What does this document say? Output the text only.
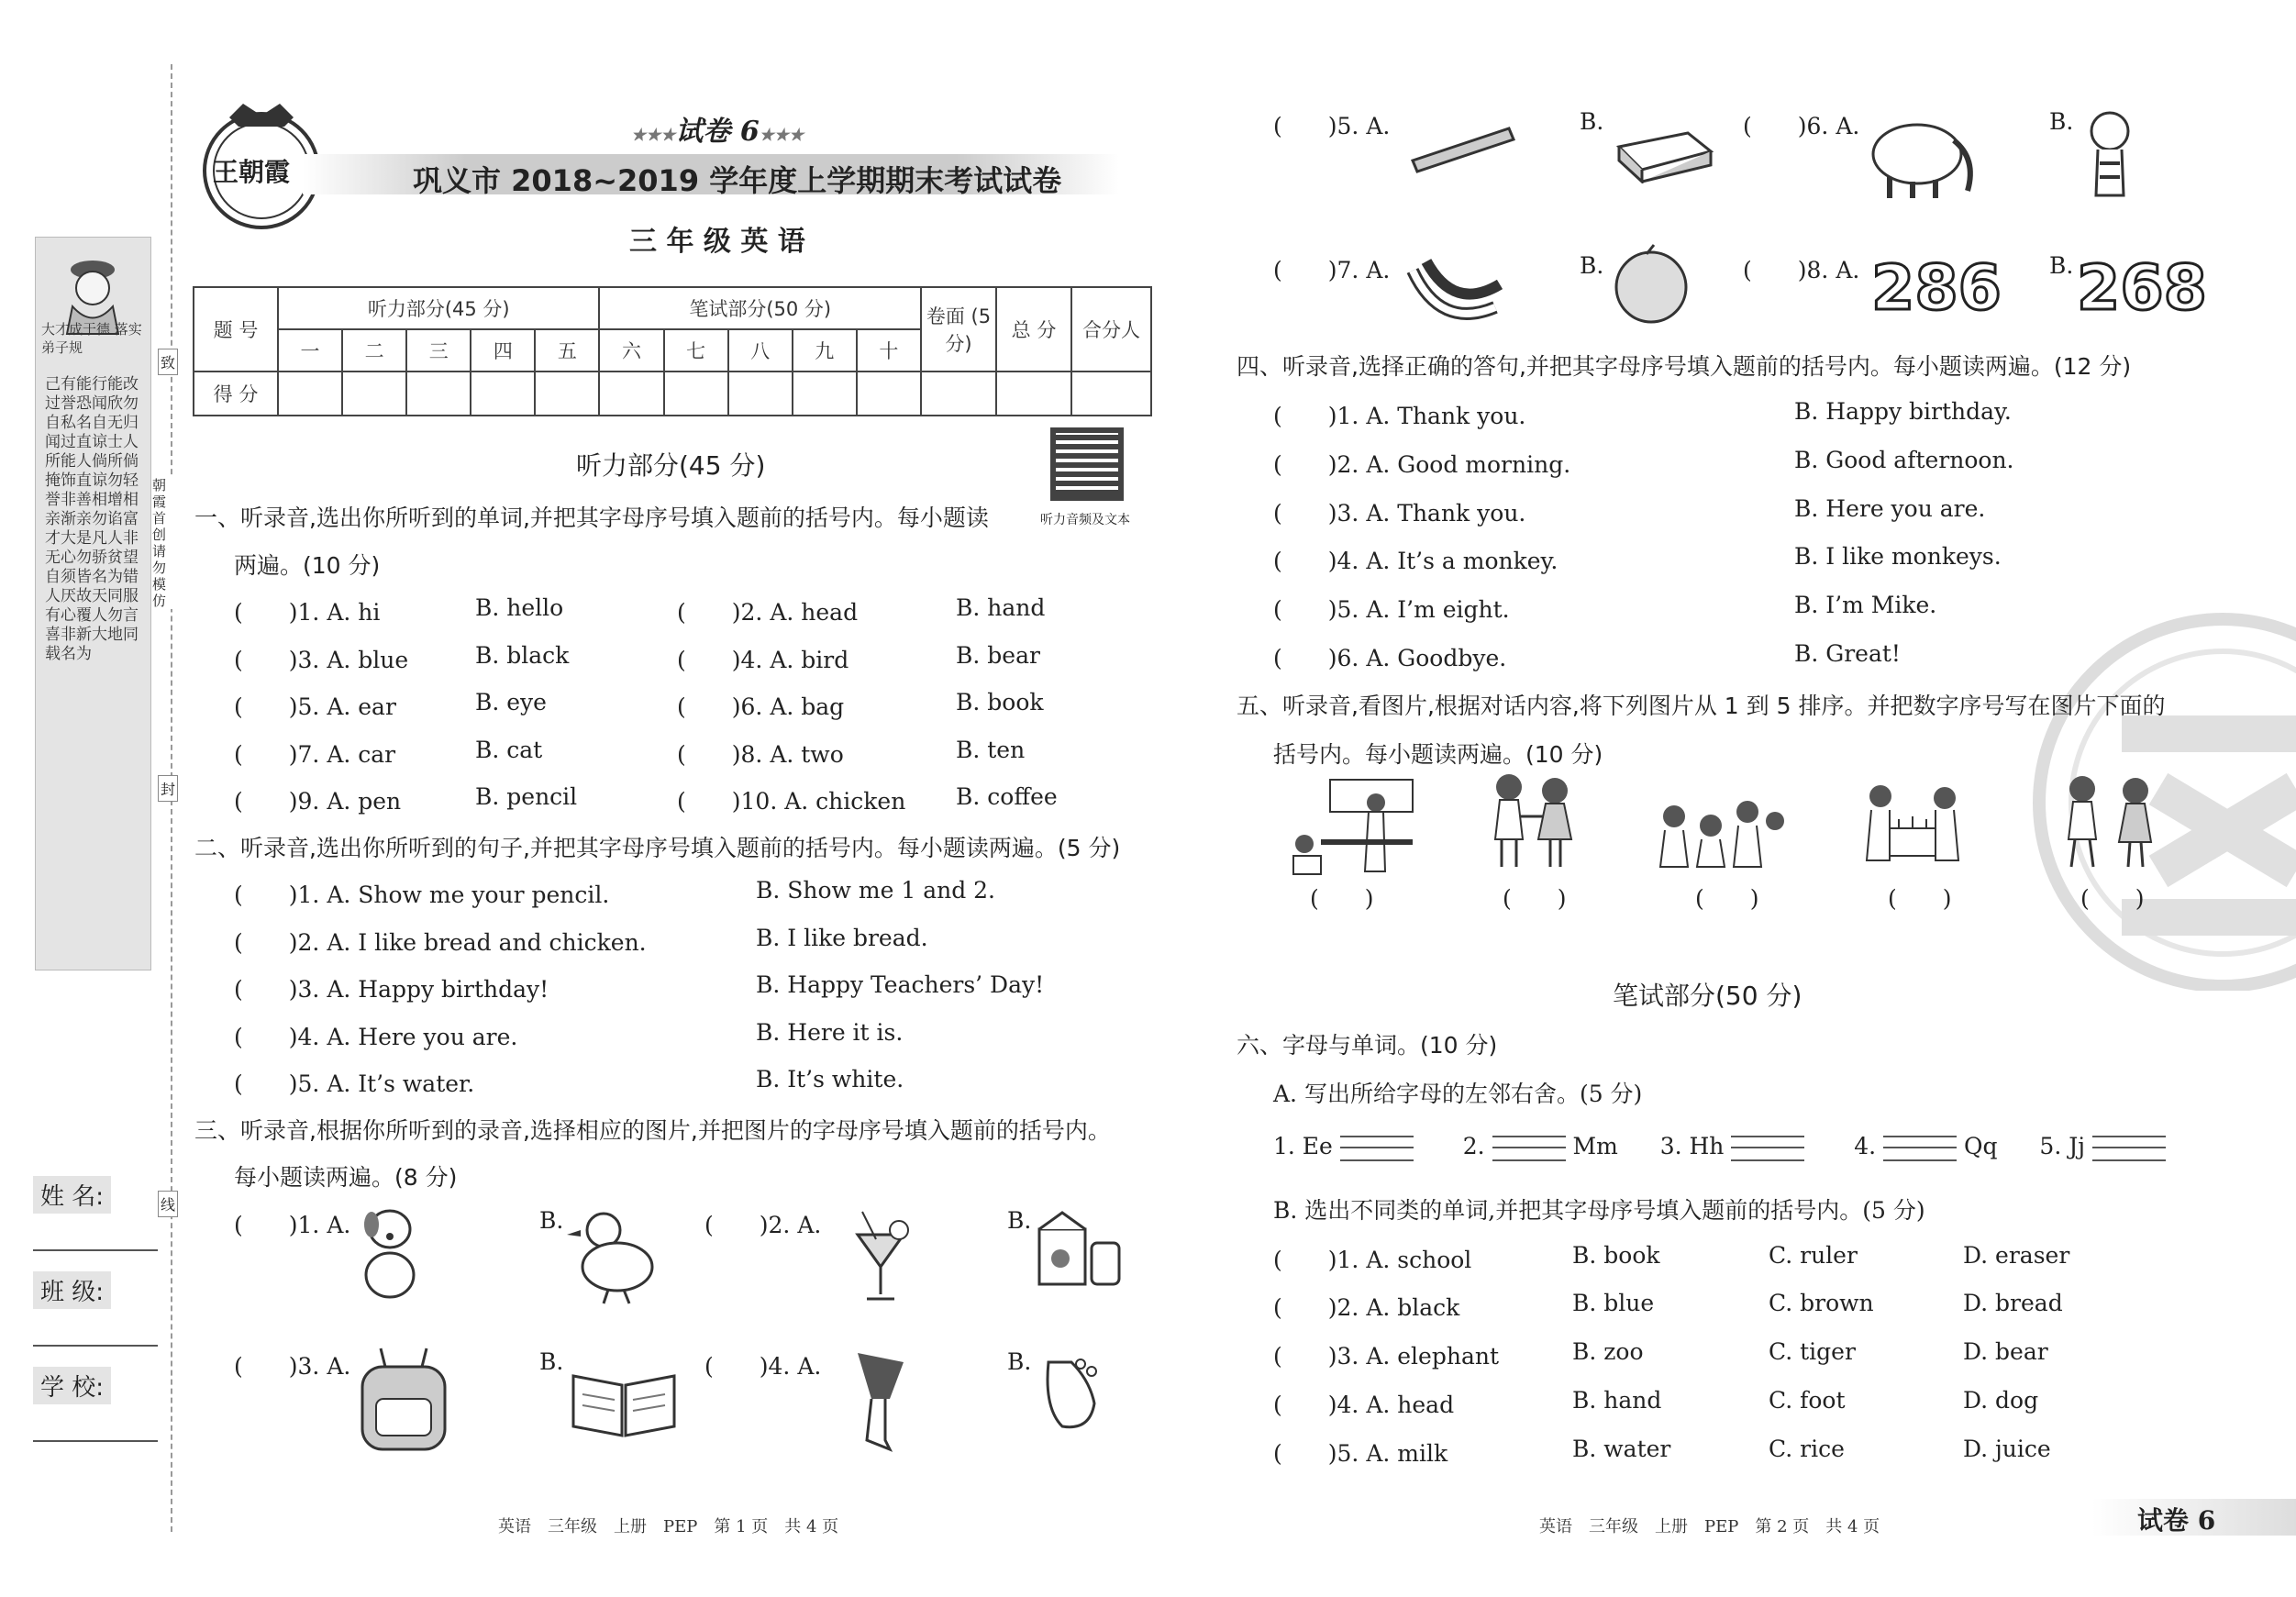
大才成于德 落实弟子规
己有能行能改过誉恐闻欣勿自私名自无归闻过直谅士人所能人倘所倘掩饰直谅勿轻誉非善相增相亲渐亲勿谄富才大是凡人非无心勿骄贫望自须皆名为错人厌故天同服有心覆人勿言喜非新大地同载名为
致
朝霞首创
请勿模仿
封
线
姓 名:
班 级:
学 校:
王朝霞
★★★试卷 6★★★
巩义市 2018~2019 学年度上学期期末考试试卷
三 年 级 英 语
题 号	听力部分(45 分)					笔试部分(50 分)					卷面 (5 分)	总 分	合分人
	一	二	三	四	五	六	七	八	九	十			
得 分													
听力部分(45 分)
听力音频及文本
一、听录音,选出你所听到的单词,并把其字母序号填入题前的括号内。每小题读
两遍。(10 分)
(　　)1. A. hi	B. hello	(　　)2. A. head	B. hand
(　　)3. A. blue	B. black	(　　)4. A. bird	B. bear
(　　)5. A. ear	B. eye	(　　)6. A. bag	B. book
(　　)7. A. car	B. cat	(　　)8. A. two	B. ten
(　　)9. A. pen	B. pencil	(　　)10. A. chicken B. coffee
二、听录音,选出你所听到的句子,并把其字母序号填入题前的括号内。每小题读两遍。(5 分)
(　　)1. A. Show me your pencil.	B. Show me 1 and 2.
(　　)2. A. I like bread and chicken.	B. I like bread.
(　　)3. A. Happy birthday!	B. Happy Teachers’ Day!
(　　)4. A. Here you are.	B. Here it is.
(　　)5. A. It’s water.	B. It’s white.
三、听录音,根据你所听到的录音,选择相应的图片,并把图片的字母序号填入题前的括号内。
每小题读两遍。(8 分)
(　　)1. A.	B.	(　　)2. A.	B.
(　　)3. A.	B.	(　　)4. A.	B.
英语　三年级　上册　PEP　第 1 页　共 4 页
(　　)5. A.	B.	(　　)6. A.	B.
(　　)7. A.	B.	(　　)8. A. 286 B. 268
四、听录音,选择正确的答句,并把其字母序号填入题前的括号内。每小题读两遍。(12 分)
(　　)1. A. Thank you.	B. Happy birthday.
(　　)2. A. Good morning.	B. Good afternoon.
(　　)3. A. Thank you.	B. Here you are.
(　　)4. A. It’s a monkey.	B. I like monkeys.
(　　)5. A. I’m eight.	B. I’m Mike.
(　　)6. A. Goodbye.	B. Great!
五、听录音,看图片,根据对话内容,将下列图片从 1 到 5 排序。并把数字序号写在图片下面的
括号内。每小题读两遍。(10 分)
(　　)	(　　)	(　　)	(　　)	(　　)
笔试部分(50 分)
六、字母与单词。(10 分)
A. 写出所给字母的左邻右舍。(5 分)
1. Ee	2.	Mm 3. Hh	4.	Qq 5. Jj
B. 选出不同类的单词,并把其字母序号填入题前的括号内。(5 分)
(　　)1. A. school	B. book	C. ruler	D. eraser
(　　)2. A. black	B. blue	C. brown	D. bread
(　　)3. A. elephant	B. zoo	C. tiger	D. bear
(　　)4. A. head	B. hand	C. foot	D. dog
(　　)5. A. milk	B. water	C. rice	D. juice
英语　三年级　上册　PEP　第 2 页　共 4 页	试卷 6
